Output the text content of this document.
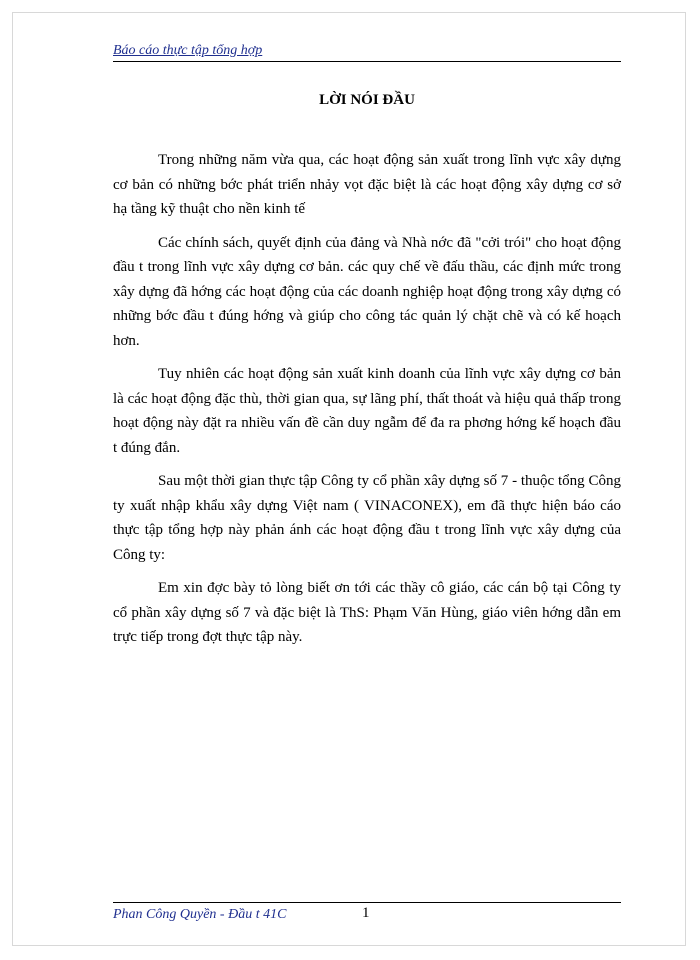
Báo cáo thực tập tổng hợp
LỜI NÓI ĐẦU

Trong những năm vừa qua, các hoạt động sản xuất trong lĩnh vực xây dựng cơ bản có những bớc phát triển nhảy vọt đặc biệt là các hoạt động xây dựng cơ sở hạ tầng kỹ thuật cho nền kinh tế

Các chính sách, quyết định của đảng và Nhà nớc đã "cởi trói" cho hoạt động đầu t trong lĩnh vực xây dựng cơ bản. các quy chế về đấu thầu, các định mức trong xây dựng đã hớng các hoạt động của các doanh nghiệp hoạt động trong xây dựng có những bớc đầu t đúng hớng và giúp cho công tác quản lý chặt chẽ và có kế hoạch hơn.

Tuy nhiên các hoạt động sản xuất kinh doanh của lĩnh vực xây dựng cơ bản là các hoạt động đặc thù, thời gian qua, sự lãng phí, thất thoát và hiệu quả thấp trong hoạt động này đặt ra nhiều vấn đề cần duy ngẫm để đa ra phơng hớng kế hoạch đầu t đúng đắn.

Sau một thời gian thực tập Công ty cổ phần xây dựng số 7 - thuộc tổng Công ty xuất nhập khẩu xây dựng Việt nam ( VINACONEX), em đã thực hiện báo cáo thực tập tổng hợp này phản ánh các hoạt động đầu t trong lĩnh vực xây dựng của Công ty:

Em xin đợc bày tỏ lòng biết ơn tới các thầy cô giáo, các cán bộ tại Công ty cổ phần xây dựng số 7 và đặc biệt là ThS: Phạm Văn Hùng, giáo viên hớng dẫn em trực tiếp trong đợt thực tập này.

Phan Công Quyền - Đầu t 41C	1
